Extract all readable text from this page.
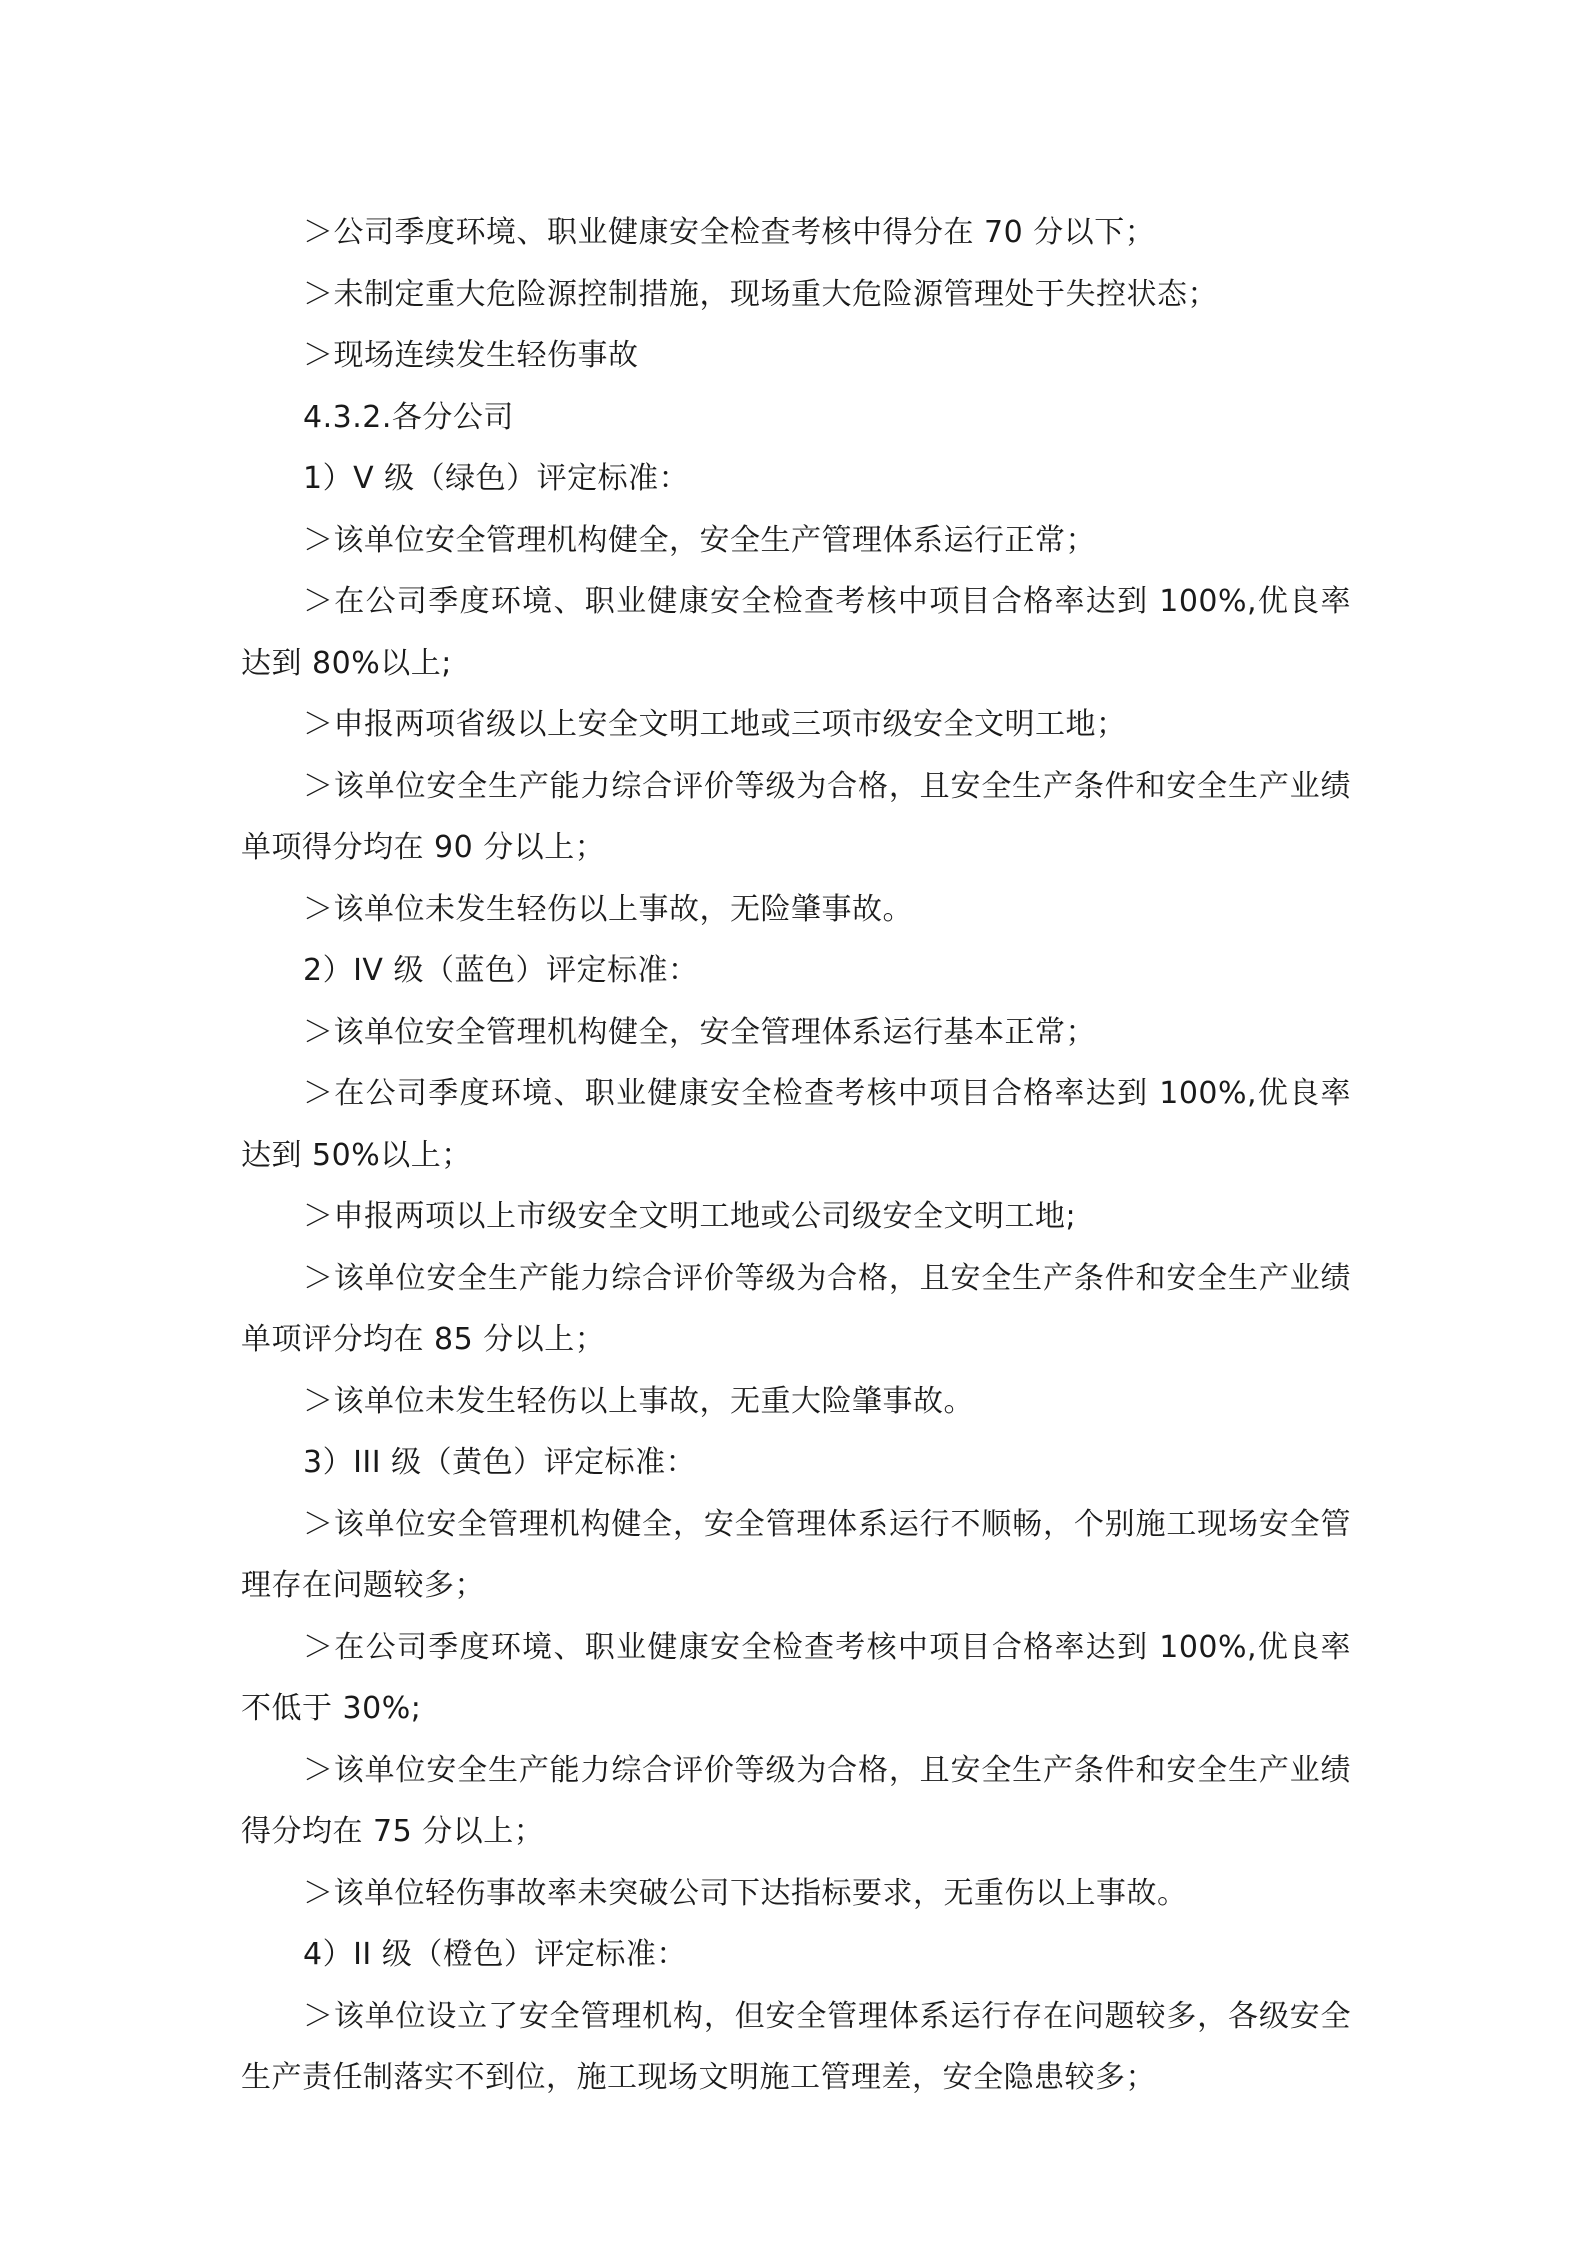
＞公司季度环境、职业健康安全检查考核中得分在 70 分以下；

＞未制定重大危险源控制措施，现场重大危险源管理处于失控状态；

＞现场连续发生轻伤事故

4.3.2.各分公司

1）V 级（绿色）评定标准：

＞该单位安全管理机构健全，安全生产管理体系运行正常；

＞在公司季度环境、职业健康安全检查考核中项目合格率达到 100%,优良率达到 80%以上;

＞申报两项省级以上安全文明工地或三项市级安全文明工地；

＞该单位安全生产能力综合评价等级为合格，且安全生产条件和安全生产业绩单项得分均在 90 分以上；

＞该单位未发生轻伤以上事故，无险肇事故。

2）IV 级（蓝色）评定标准：

＞该单位安全管理机构健全，安全管理体系运行基本正常；

＞在公司季度环境、职业健康安全检查考核中项目合格率达到 100%,优良率达到 50%以上；

＞申报两项以上市级安全文明工地或公司级安全文明工地;

＞该单位安全生产能力综合评价等级为合格，且安全生产条件和安全生产业绩单项评分均在 85 分以上；

＞该单位未发生轻伤以上事故，无重大险肇事故。

3）III 级（黄色）评定标准：

＞该单位安全管理机构健全，安全管理体系运行不顺畅，个别施工现场安全管理存在问题较多；

＞在公司季度环境、职业健康安全检查考核中项目合格率达到 100%,优良率不低于 30%;

＞该单位安全生产能力综合评价等级为合格，且安全生产条件和安全生产业绩得分均在 75 分以上；

＞该单位轻伤事故率未突破公司下达指标要求，无重伤以上事故。

4）II 级（橙色）评定标准：

＞该单位设立了安全管理机构，但安全管理体系运行存在问题较多，各级安全生产责任制落实不到位，施工现场文明施工管理差，安全隐患较多；
